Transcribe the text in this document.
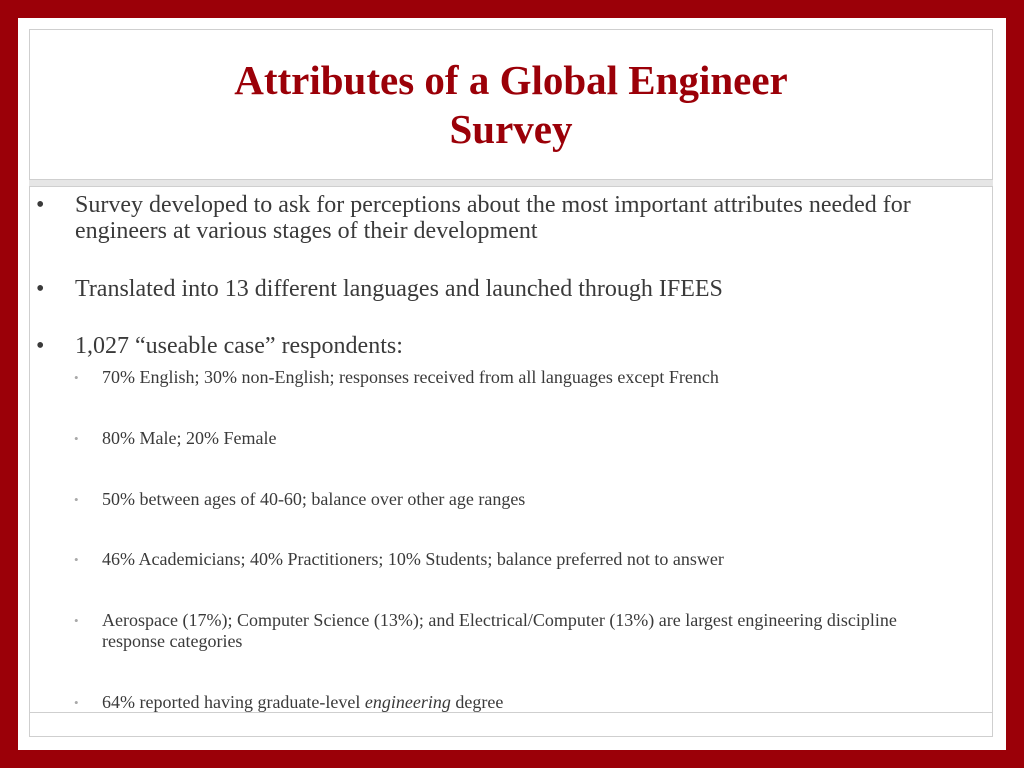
Attributes of a Global Engineer
Survey
•	Survey developed to ask for perceptions about the most important attributes needed for engineers at various stages of their development
•	Translated into 13 different languages and launched through IFEES
•	1,027 “useable case” respondents:
• 70% English; 30% non-English; responses received from all languages except French
• 80% Male; 20% Female
• 50% between ages of 40-60; balance over other age ranges
• 46% Academicians; 40% Practitioners; 10% Students; balance preferred not to answer
• Aerospace (17%); Computer Science (13%); and Electrical/Computer (13%) are largest engineering discipline response categories
• 64% reported having graduate-level engineering degree
